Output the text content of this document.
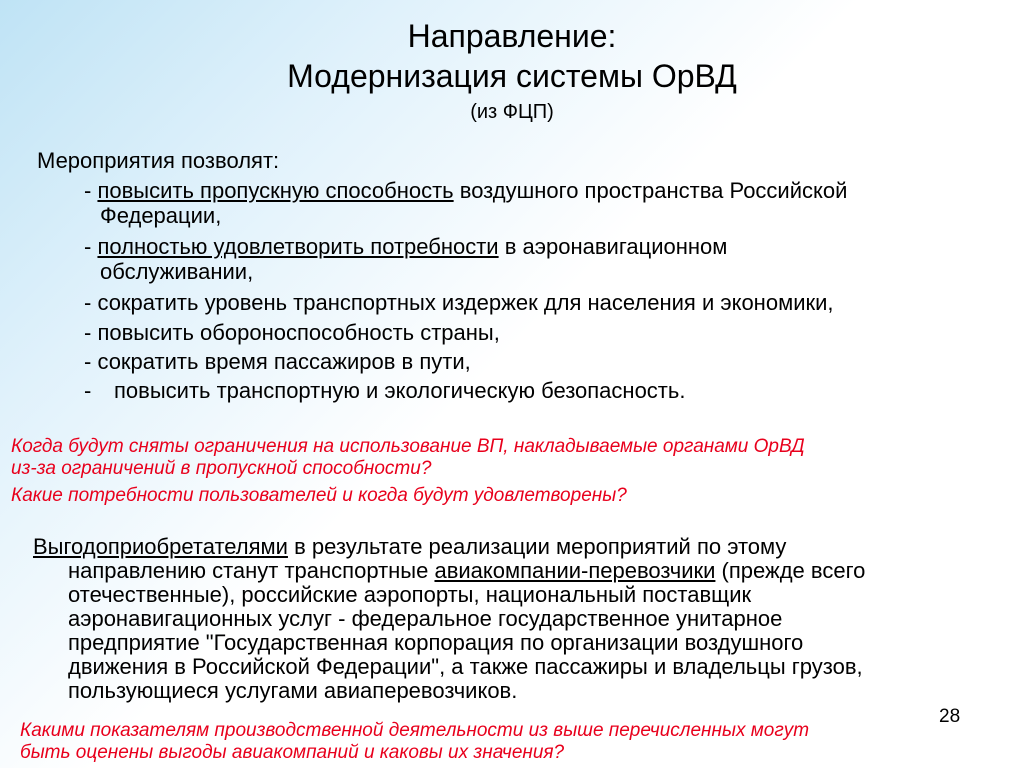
Направление:
Модернизация системы ОрВД
(из ФЦП)
Мероприятия позволят:
- повысить пропускную способность воздушного пространства Российской
Федерации,
- полностью удовлетворить потребности в аэронавигационном
обслуживании,
- сократить уровень транспортных издержек для населения и экономики,
- повысить обороноспособность страны,
- сократить время пассажиров в пути,
- повысить транспортную и экологическую безопасность.
Когда будут сняты ограничения на использование ВП, накладываемые органами ОрВД
из-за ограничений в пропускной способности?
Какие потребности пользователей и когда будут удовлетворены?
Выгодоприобретателями в результате реализации мероприятий по этому
направлению станут транспортные авиакомпании-перевозчики (прежде всего
отечественные), российские аэропорты, национальный поставщик
аэронавигационных услуг - федеральное государственное унитарное
предприятие "Государственная корпорация по организации воздушного
движения в Российской Федерации", а также пассажиры и владельцы грузов,
пользующиеся услугами авиаперевозчиков.
28
Какими показателям производственной деятельности из выше перечисленных могут
быть оценены выгоды авиакомпаний и каковы их значения?
